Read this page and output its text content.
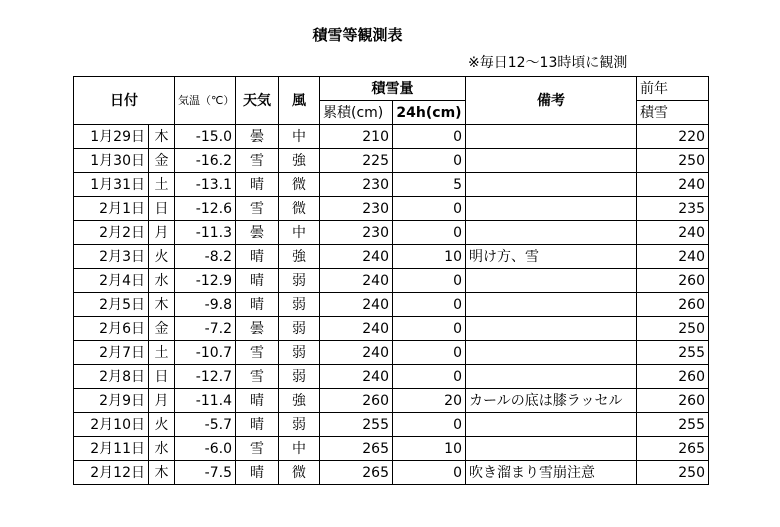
積雪等観測表
※毎日12～13時頃に観測
日付		気温（℃）	天気	風	積雪量		備考	前年
					累積(cm)	24h(cm)		積雪
1月29日	木	-15.0	曇	中	210	0		220
1月30日	金	-16.2	雪	強	225	0		250
1月31日	土	-13.1	晴	微	230	5		240
2月1日	日	-12.6	雪	微	230	0		235
2月2日	月	-11.3	曇	中	230	0		240
2月3日	火	-8.2	晴	強	240	10	明け方、雪	240
2月4日	水	-12.9	晴	弱	240	0		260
2月5日	木	-9.8	晴	弱	240	0		260
2月6日	金	-7.2	曇	弱	240	0		250
2月7日	土	-10.7	雪	弱	240	0		255
2月8日	日	-12.7	雪	弱	240	0		260
2月9日	月	-11.4	晴	強	260	20	カールの底は膝ラッセル	260
2月10日	火	-5.7	晴	弱	255	0		255
2月11日	水	-6.0	雪	中	265	10		265
2月12日	木	-7.5	晴	微	265	0	吹き溜まり雪崩注意	250
